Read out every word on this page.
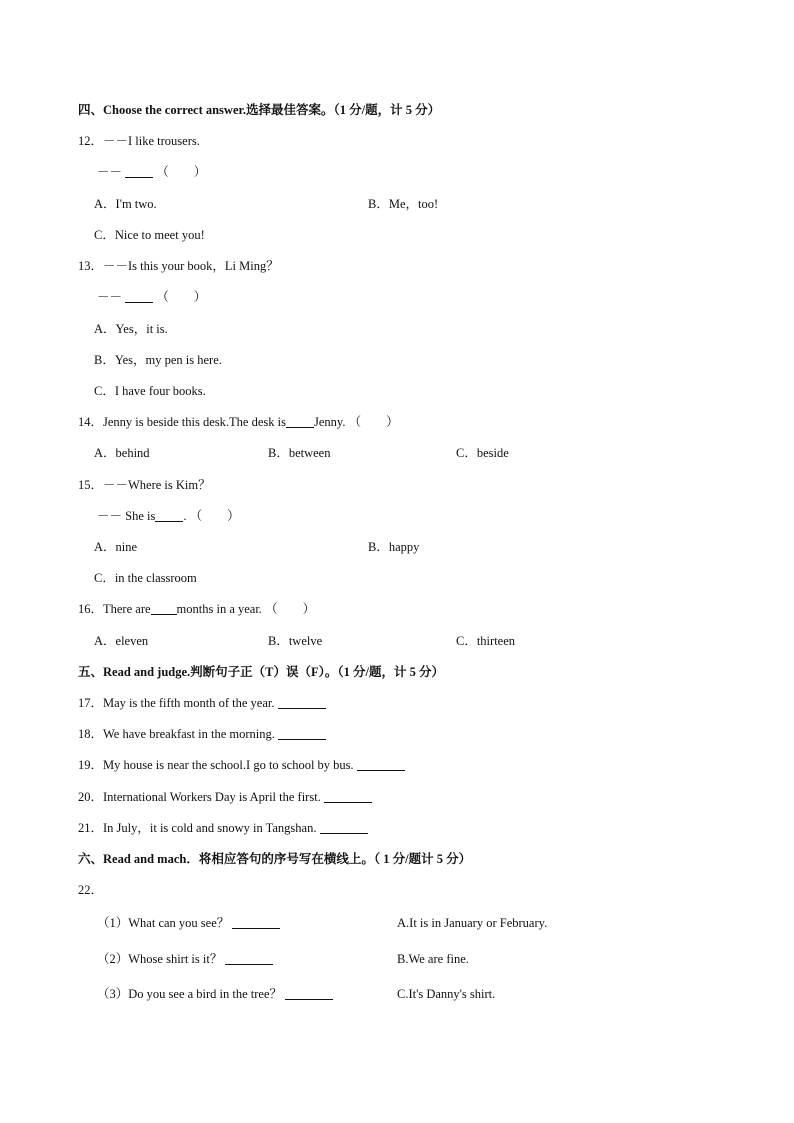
四、Choose the correct answer.选择最佳答案。（1 分/题，计 5 分）
12．－－I like trousers.
－－	（　　）
A．I'm two.	B．Me，too!
C．Nice to meet you!
13．－－Is this your book，Li Ming？
－－	（　　）
A．Yes，it is.
B．Yes，my pen is here.
C．I have four books.
14．Jenny is beside this desk.The desk is Jenny. （　　）
A．behind	B．between	C．beside
15．－－Where is Kim？
－－ She is . （　　）
A．nine	B．happy
C．in the classroom
16．There are months in a year. （　　）
A．eleven	B．twelve	C．thirteen
五、Read and judge.判断句子正（T）误（F）。（1 分/题，计 5 分）
17．May is the fifth month of the year.
18．We have breakfast in the morning.
19．My house is near the school.I go to school by bus.
20．International Workers Day is April the first.
21．In July，it is cold and snowy in Tangshan.
六、Read and mach．将相应答句的序号写在横线上。（ 1 分/题计 5 分）
22．
（1）What can you see？	A.It is in January or February.
（2）Whose shirt is it？	B.We are fine.
（3）Do you see a bird in the tree？	C.It's Danny's shirt.
